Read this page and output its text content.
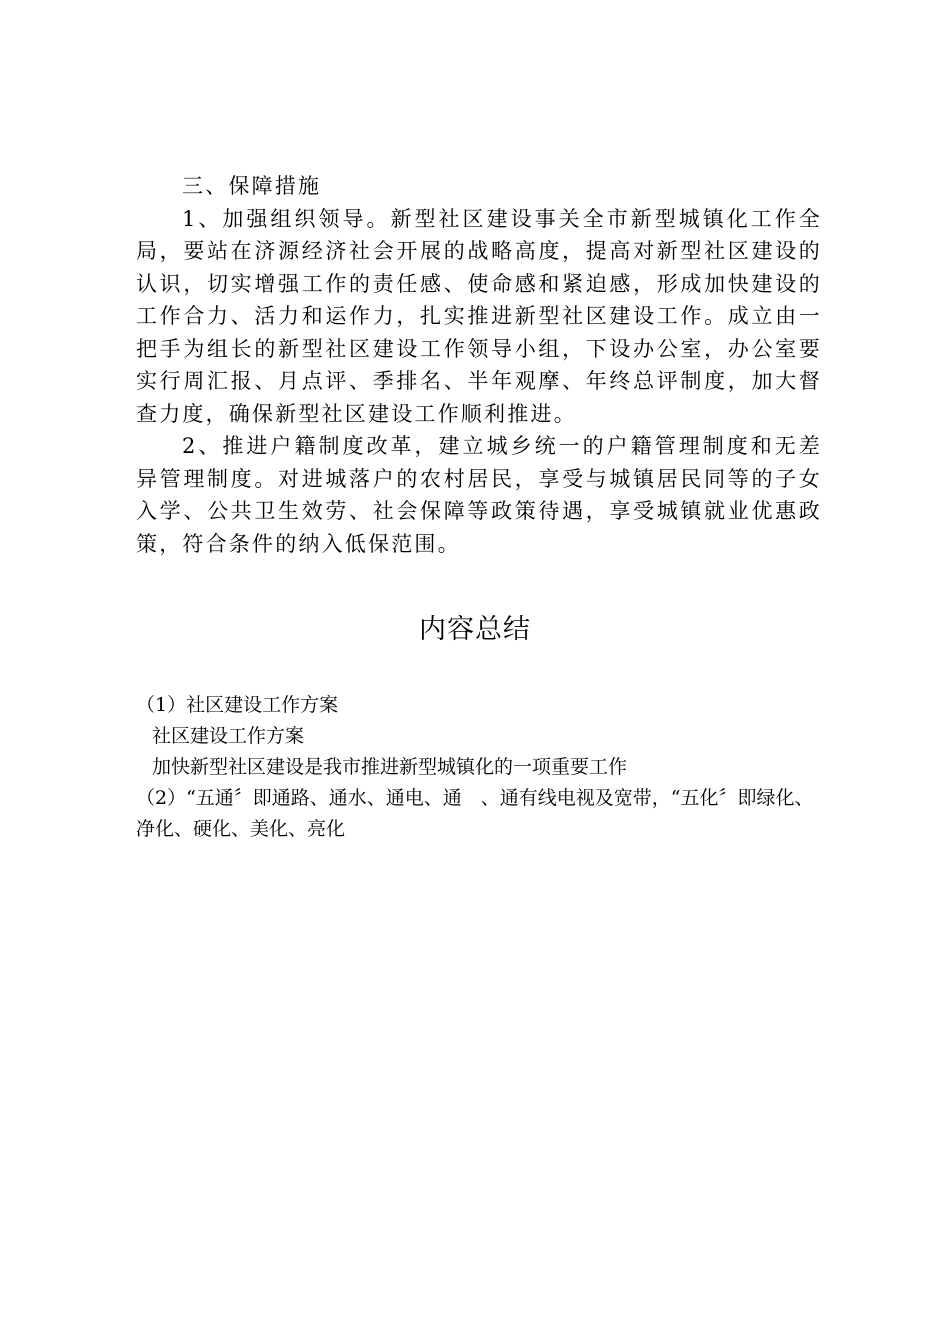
三、保障措施

1、加强组织领导。新型社区建设事关全市新型城镇化工作全局，要站在济源经济社会开展的战略高度，提高对新型社区建设的认识，切实增强工作的责任感、使命感和紧迫感，形成加快建设的工作合力、活力和运作力，扎实推进新型社区建设工作。成立由一把手为组长的新型社区建设工作领导小组，下设办公室，办公室要实行周汇报、月点评、季排名、半年观摩、年终总评制度，加大督查力度，确保新型社区建设工作顺利推进。

2、推进户籍制度改革，建立城乡统一的户籍管理制度和无差异管理制度。对进城落户的农村居民，享受与城镇居民同等的子女入学、公共卫生效劳、社会保障等政策待遇，享受城镇就业优惠政策，符合条件的纳入低保范围。

内容总结

（1）社区建设工作方案

社区建设工作方案

加快新型社区建设是我市推进新型城镇化的一项重要工作

（2）“五通〞即通路、通水、通电、通　、通有线电视及宽带，“五化〞即绿化、净化、硬化、美化、亮化
